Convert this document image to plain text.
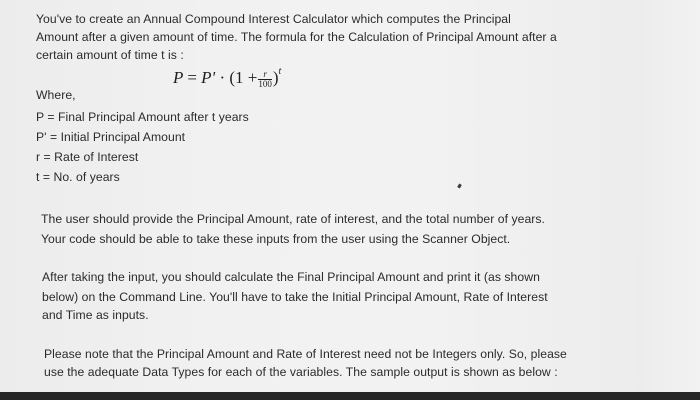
You've to create an Annual Compound Interest Calculator which computes the Principal
Amount after a given amount of time. The formula for the Calculation of Principal Amount after a
certain amount of time t is :
$P = P' \cdot (1 + \frac{r}{100} )^t$
Where,
P = Final Principal Amount after t years
P' = Initial Principal Amount
r = Rate of Interest
t = No. of years
The user should provide the Principal Amount, rate of interest, and the total number of years.
Your code should be able to take these inputs from the user using the Scanner Object.
After taking the input, you should calculate the Final Principal Amount and print it (as shown
below) on the Command Line. You'll have to take the Initial Principal Amount, Rate of Interest
and Time as inputs.
Please note that the Principal Amount and Rate of Interest need not be Integers only. So, please
use the adequate Data Types for each of the variables. The sample output is shown as below :
